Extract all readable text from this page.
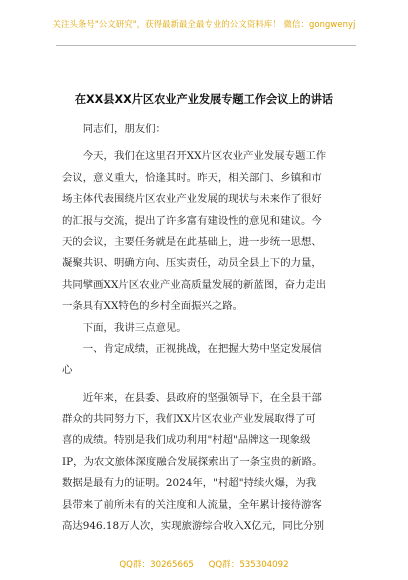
关注头条号"公文研究"，获得最新最全最专业的公文资料库！ 微信：gongwenyj
在XX县XX片区农业产业发展专题工作会议上的讲话
　　同志们，朋友们：
　　今天，我们在这里召开XX片区农业产业发展专题工作
会议，意义重大，恰逢其时。昨天，相关部门、乡镇和市
场主体代表围绕片区农业产业发展的现状与未来作了很好
的汇报与交流，提出了许多富有建设性的意见和建议。今
天的会议，主要任务就是在此基础上，进一步统一思想、
凝聚共识、明确方向、压实责任，动员全县上下的力量，
共同擘画XX片区农业产业高质量发展的新蓝图，奋力走出
一条具有XX特色的乡村全面振兴之路。
　　下面，我讲三点意见。
　　一、肯定成绩，正视挑战，在把握大势中坚定发展信
心
　　近年来，在县委、县政府的坚强领导下，在全县干部
群众的共同努力下，我们XX片区农业产业发展取得了可
喜的成绩。特别是我们成功利用"村超"品牌这一现象级
IP，为农文旅体深度融合发展探索出了一条宝贵的新路。
数据是最有力的证明。2024年，"村超"持续火爆，为我
县带来了前所未有的关注度和人流量，全年累计接待游客
高达946.18万人次，实现旅游综合收入X亿元，同比分别
QQ群：30265665 QQ群：535304092
